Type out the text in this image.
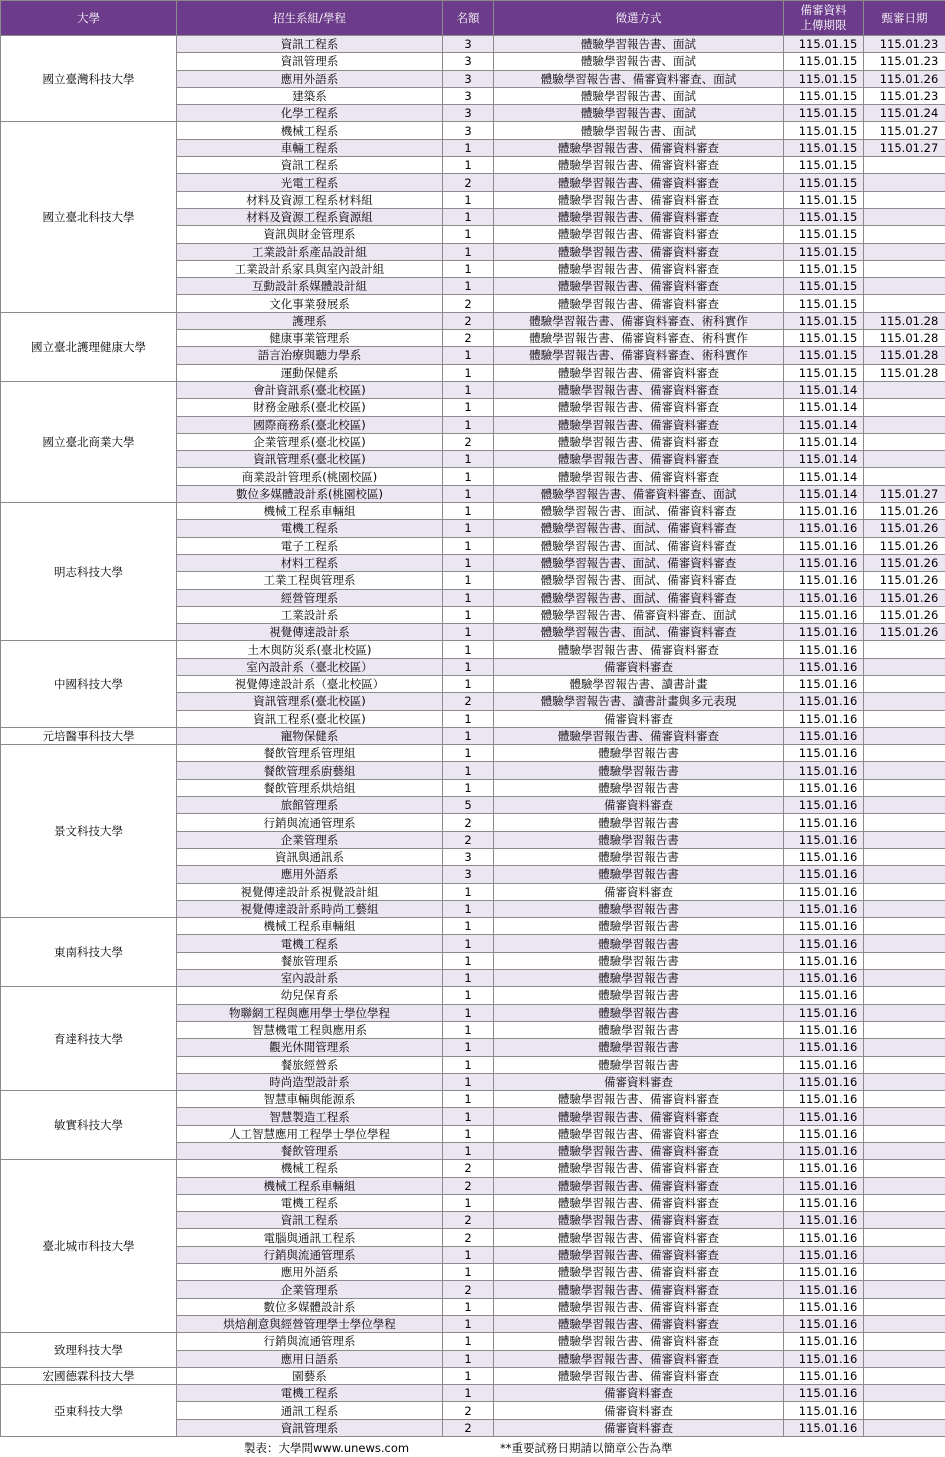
大學	招生系組/學程	名額	徵選方式	備審資料
上傳期限	甄審日期
國立臺灣科技大學	資訊工程系	3	體驗學習報告書、面試	115.01.15	115.01.23
	資訊管理系	3	體驗學習報告書、面試	115.01.15	115.01.23
	應用外語系	3	體驗學習報告書、備審資料審查、面試	115.01.15	115.01.26
	建築系	3	體驗學習報告書、面試	115.01.15	115.01.23
	化學工程系	3	體驗學習報告書、面試	115.01.15	115.01.24
國立臺北科技大學	機械工程系	3	體驗學習報告書、面試	115.01.15	115.01.27
	車輛工程系	1	體驗學習報告書、備審資料審查	115.01.15	115.01.27
	資訊工程系	1	體驗學習報告書、備審資料審查	115.01.15	
	光電工程系	2	體驗學習報告書、備審資料審查	115.01.15	
	材料及資源工程系材料組	1	體驗學習報告書、備審資料審查	115.01.15	
	材料及資源工程系資源組	1	體驗學習報告書、備審資料審查	115.01.15	
	資訊與財金管理系	1	體驗學習報告書、備審資料審查	115.01.15	
	工業設計系產品設計組	1	體驗學習報告書、備審資料審查	115.01.15	
	工業設計系家具與室內設計組	1	體驗學習報告書、備審資料審查	115.01.15	
	互動設計系媒體設計組	1	體驗學習報告書、備審資料審查	115.01.15	
	文化事業發展系	2	體驗學習報告書、備審資料審查	115.01.15	
國立臺北護理健康大學	護理系	2	體驗學習報告書、備審資料審查、術科實作	115.01.15	115.01.28
	健康事業管理系	2	體驗學習報告書、備審資料審查、術科實作	115.01.15	115.01.28
	語言治療與聽力學系	1	體驗學習報告書、備審資料審查、術科實作	115.01.15	115.01.28
	運動保健系	1	體驗學習報告書、備審資料審查	115.01.15	115.01.28
國立臺北商業大學	會計資訊系(臺北校區)	1	體驗學習報告書、備審資料審查	115.01.14	
	財務金融系(臺北校區)	1	體驗學習報告書、備審資料審查	115.01.14	
	國際商務系(臺北校區)	1	體驗學習報告書、備審資料審查	115.01.14	
	企業管理系(臺北校區)	2	體驗學習報告書、備審資料審查	115.01.14	
	資訊管理系(臺北校區)	1	體驗學習報告書、備審資料審查	115.01.14	
	商業設計管理系(桃園校區)	1	體驗學習報告書、備審資料審查	115.01.14	
	數位多媒體設計系(桃園校區)	1	體驗學習報告書、備審資料審查、面試	115.01.14	115.01.27
明志科技大學	機械工程系車輛組	1	體驗學習報告書、面試、備審資料審查	115.01.16	115.01.26
	電機工程系	1	體驗學習報告書、面試、備審資料審查	115.01.16	115.01.26
	電子工程系	1	體驗學習報告書、面試、備審資料審查	115.01.16	115.01.26
	材料工程系	1	體驗學習報告書、面試、備審資料審查	115.01.16	115.01.26
	工業工程與管理系	1	體驗學習報告書、面試、備審資料審查	115.01.16	115.01.26
	經營管理系	1	體驗學習報告書、面試、備審資料審查	115.01.16	115.01.26
	工業設計系	1	體驗學習報告書、備審資料審查、面試	115.01.16	115.01.26
	視覺傳達設計系	1	體驗學習報告書、面試、備審資料審查	115.01.16	115.01.26
中國科技大學	土木與防災系(臺北校區)	1	體驗學習報告書、備審資料審查	115.01.16	
	室內設計系（臺北校區）	1	備審資料審查	115.01.16	
	視覺傳達設計系（臺北校區）	1	體驗學習報告書、讀書計畫	115.01.16	
	資訊管理系(臺北校區)	2	體驗學習報告書、讀書計畫與多元表現	115.01.16	
	資訊工程系(臺北校區)	1	備審資料審查	115.01.16	
元培醫事科技大學	寵物保健系	1	體驗學習報告書、備審資料審查	115.01.16	
景文科技大學	餐飲管理系管理組	1	體驗學習報告書	115.01.16	
	餐飲管理系廚藝組	1	體驗學習報告書	115.01.16	
	餐飲管理系烘焙組	1	體驗學習報告書	115.01.16	
	旅館管理系	5	備審資料審查	115.01.16	
	行銷與流通管理系	2	體驗學習報告書	115.01.16	
	企業管理系	2	體驗學習報告書	115.01.16	
	資訊與通訊系	3	體驗學習報告書	115.01.16	
	應用外語系	3	體驗學習報告書	115.01.16	
	視覺傳達設計系視覺設計組	1	備審資料審查	115.01.16	
	視覺傳達設計系時尚工藝組	1	體驗學習報告書	115.01.16	
東南科技大學	機械工程系車輛組	1	體驗學習報告書	115.01.16	
	電機工程系	1	體驗學習報告書	115.01.16	
	餐旅管理系	1	體驗學習報告書	115.01.16	
	室內設計系	1	體驗學習報告書	115.01.16	
育達科技大學	幼兒保育系	1	體驗學習報告書	115.01.16	
	物聯網工程與應用學士學位學程	1	體驗學習報告書	115.01.16	
	智慧機電工程與應用系	1	體驗學習報告書	115.01.16	
	觀光休閒管理系	1	體驗學習報告書	115.01.16	
	餐旅經營系	1	體驗學習報告書	115.01.16	
	時尚造型設計系	1	備審資料審查	115.01.16	
敏實科技大學	智慧車輛與能源系	1	體驗學習報告書、備審資料審查	115.01.16	
	智慧製造工程系	1	體驗學習報告書、備審資料審查	115.01.16	
	人工智慧應用工程學士學位學程	1	體驗學習報告書、備審資料審查	115.01.16	
	餐飲管理系	1	體驗學習報告書、備審資料審查	115.01.16	
臺北城市科技大學	機械工程系	2	體驗學習報告書、備審資料審查	115.01.16	
	機械工程系車輛組	2	體驗學習報告書、備審資料審查	115.01.16	
	電機工程系	1	體驗學習報告書、備審資料審查	115.01.16	
	資訊工程系	2	體驗學習報告書、備審資料審查	115.01.16	
	電腦與通訊工程系	2	體驗學習報告書、備審資料審查	115.01.16	
	行銷與流通管理系	1	體驗學習報告書、備審資料審查	115.01.16	
	應用外語系	1	體驗學習報告書、備審資料審查	115.01.16	
	企業管理系	2	體驗學習報告書、備審資料審查	115.01.16	
	數位多媒體設計系	1	體驗學習報告書、備審資料審查	115.01.16	
	烘焙創意與經營管理學士學位學程	1	體驗學習報告書、備審資料審查	115.01.16	
致理科技大學	行銷與流通管理系	1	體驗學習報告書、備審資料審查	115.01.16	
	應用日語系	1	體驗學習報告書、備審資料審查	115.01.16	
宏國德霖科技大學	園藝系	1	體驗學習報告書、備審資料審查	115.01.16	
亞東科技大學	電機工程系	1	備審資料審查	115.01.16	
	通訊工程系	2	備審資料審查	115.01.16	
	資訊管理系	2	備審資料審查	115.01.16	
製表：大學問www.unews.com	**重要試務日期請以簡章公告為準
